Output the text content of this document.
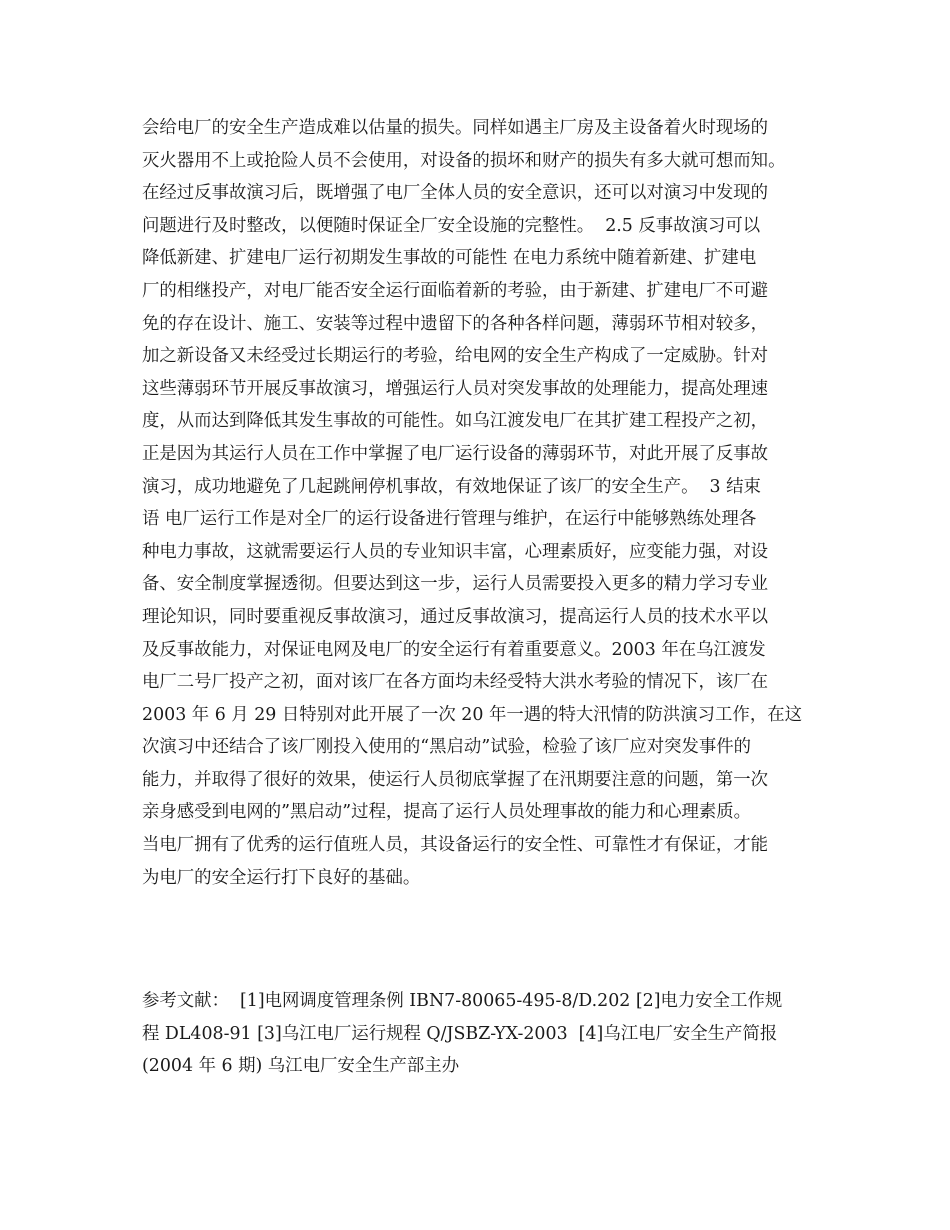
会给电厂的安全生产造成难以估量的损失。同样如遇主厂房及主设备着火时现场的
灭火器用不上或抢险人员不会使用，对设备的损坏和财产的损失有多大就可想而知。
在经过反事故演习后，既增强了电厂全体人员的安全意识，还可以对演习中发现的
问题进行及时整改，以便随时保证全厂安全设施的完整性。  2.5 反事故演习可以
降低新建、扩建电厂运行初期发生事故的可能性 在电力系统中随着新建、扩建电
厂的相继投产，对电厂能否安全运行面临着新的考验，由于新建、扩建电厂不可避
免的存在设计、施工、安装等过程中遗留下的各种各样问题，薄弱环节相对较多，
加之新设备又未经受过长期运行的考验，给电网的安全生产构成了一定威胁。针对
这些薄弱环节开展反事故演习，增强运行人员对突发事故的处理能力，提高处理速
度，从而达到降低其发生事故的可能性。如乌江渡发电厂在其扩建工程投产之初，
正是因为其运行人员在工作中掌握了电厂运行设备的薄弱环节，对此开展了反事故
演习，成功地避免了几起跳闸停机事故，有效地保证了该厂的安全生产。  3 结束
语 电厂运行工作是对全厂的运行设备进行管理与维护，在运行中能够熟练处理各
种电力事故，这就需要运行人员的专业知识丰富，心理素质好，应变能力强，对设
备、安全制度掌握透彻。但要达到这一步，运行人员需要投入更多的精力学习专业
理论知识，同时要重视反事故演习，通过反事故演习，提高运行人员的技术水平以
及反事故能力，对保证电网及电厂的安全运行有着重要意义。2003 年在乌江渡发
电厂二号厂投产之初，面对该厂在各方面均未经受特大洪水考验的情况下，该厂在
2003 年 6 月 29 日特别对此开展了一次 20 年一遇的特大汛情的防洪演习工作，在这
次演习中还结合了该厂刚投入使用的“黑启动”试验，检验了该厂应对突发事件的
能力，并取得了很好的效果，使运行人员彻底掌握了在汛期要注意的问题，第一次
亲身感受到电网的”黑启动”过程，提高了运行人员处理事故的能力和心理素质。
当电厂拥有了优秀的运行值班人员，其设备运行的安全性、可靠性才有保证，才能
为电厂的安全运行打下良好的基础。
参考文献：  [1]电网调度管理条例 IBN7-80065-495-8/D.202 [2]电力安全工作规
程 DL408-91 [3]乌江电厂运行规程 Q/JSBZ-YX-2003  [4]乌江电厂安全生产简报
(2004 年 6 期) 乌江电厂安全生产部主办
